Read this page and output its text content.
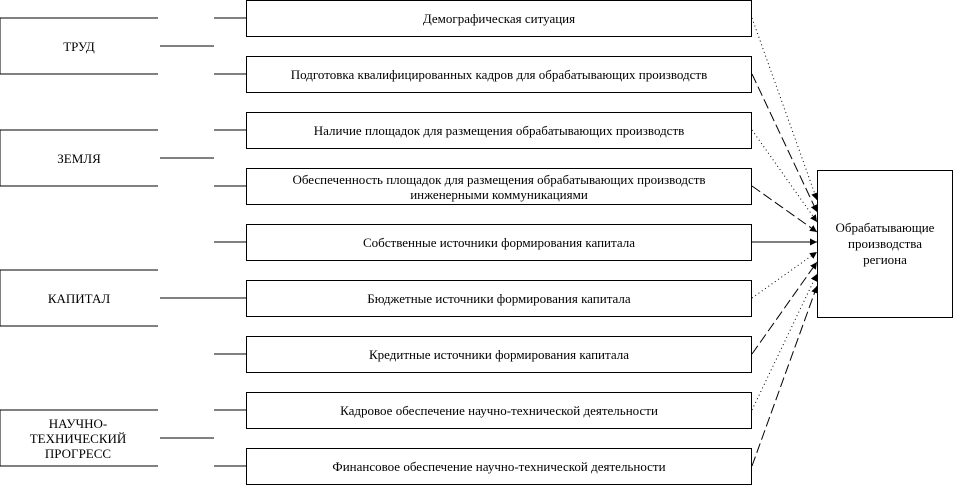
ТРУД
ЗЕМЛЯ
КАПИТАЛ
НАУЧНО-ТЕХНИЧЕСКИЙ ПРОГРЕСС
Демографическая ситуация
Подготовка квалифицированных кадров для обрабатывающих производств
Наличие площадок для размещения обрабатывающих производств
Обеспеченность площадок для размещения обрабатывающих производств инженерными коммуникациями
Собственные источники формирования капитала
Бюджетные источники формирования капитала
Кредитные источники формирования капитала
Кадровое обеспечение научно-технической деятельности
Финансовое обеспечение научно-технической деятельности
Обрабатывающие производства региона
